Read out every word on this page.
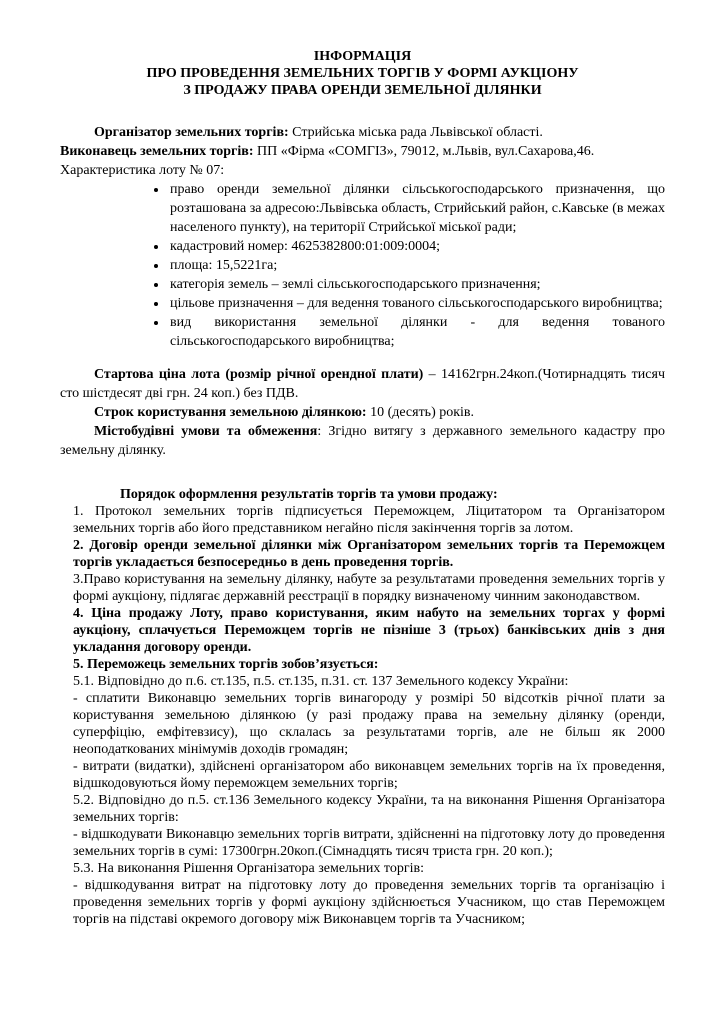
ІНФОРМАЦІЯ
ПРО ПРОВЕДЕННЯ ЗЕМЕЛЬНИХ ТОРГІВ У ФОРМІ АУКЦІОНУ
З ПРОДАЖУ ПРАВА ОРЕНДИ ЗЕМЕЛЬНОЇ ДІЛЯНКИ

Організатор земельних торгів: Стрийська міська рада Львівської області.

Виконавець земельних торгів: ПП «Фірма «СОМГІЗ», 79012, м.Львів, вул.Сахарова,46.

Характеристика лоту № 07:

• право оренди земельної ділянки сільськогосподарського призначення, що розташована за адресою:Львівська область, Стрийський район, с.Кавське (в межах населеного пункту), на території Стрийської міської ради;
• кадастровий номер: 4625382800:01:009:0004;
• площа: 15,5221га;
• категорія земель – землі сільськогосподарського призначення;
• цільове призначення – для ведення тованого сільськогосподарського виробництва;
• вид використання земельної ділянки - для ведення тованого сільськогосподарського виробництва;

Стартова ціна лота (розмір річної орендної плати) – 14162грн.24коп.(Чотирнадцять тисяч сто шістдесят дві грн. 24 коп.) без ПДВ.

Строк користування земельною ділянкою: 10 (десять) років.

Містобудівні умови та обмеження: Згідно витягу з державного земельного кадастру про земельну ділянку.

Порядок оформлення результатів торгів та умови продажу:

1. Протокол земельних торгів підписується Переможцем, Ліцитатором та Організатором земельних торгів або його представником негайно після закінчення торгів за лотом.

2. Договір оренди земельної ділянки між Організатором земельних торгів та Переможцем торгів укладається безпосередньо в день проведення торгів.

3.Право користування на земельну ділянку, набуте за результатами проведення земельних торгів у формі аукціону, підлягає державній реєстрації в порядку визначеному чинним законодавством.

4. Ціна продажу Лоту, право користування, яким набуто на земельних торгах у формі аукціону, сплачується Переможцем торгів не пізніше 3 (трьох) банківських днів з дня укладання договору оренди.

5. Переможець земельних торгів зобов’язується:

5.1. Відповідно до п.6. ст.135, п.5. ст.135, п.31. ст. 137 Земельного кодексу України:

- сплатити Виконавцю земельних торгів винагороду у розмірі 50 відсотків річної плати за користування земельною ділянкою (у разі продажу права на земельну ділянку (оренди, суперфіцію, емфітевзису), що склалась за результатами торгів, але не більш як 2000 неоподаткованих мінімумів доходів громадян;

- витрати (видатки), здійснені організатором або виконавцем земельних торгів на їх проведення, відшкодовуються йому переможцем земельних торгів;

5.2. Відповідно до п.5. ст.136 Земельного кодексу України, та на виконання Рішення Організатора земельних торгів:

- відшкодувати Виконавцю земельних торгів витрати, здійсненні на підготовку лоту до проведення земельних торгів в сумі: 17300грн.20коп.(Сімнадцять тисяч триста грн. 20 коп.);

5.3. На виконання Рішення Організатора земельних торгів:

- відшкодування витрат на підготовку лоту до проведення земельних торгів та організацію і проведення земельних торгів у формі аукціону здійснюється Учасником, що став Переможцем торгів на підставі окремого договору між Виконавцем торгів та Учасником;
